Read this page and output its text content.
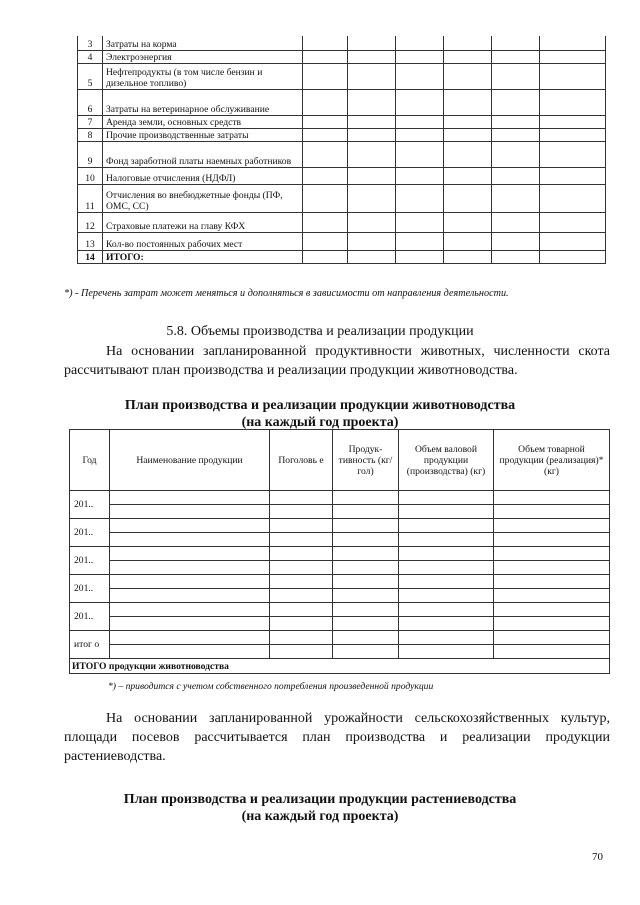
3	Затраты на корма						
4	Электроэнергия						
5	Нефтепродукты (в том числе бензин и дизельное топливо)						
6	Затраты на ветеринарное обслуживание						
7	Аренда земли, основных средств						
8	Прочие производственные затраты						
9	Фонд заработной платы наемных работников						
10	Налоговые отчисления (НДФЛ)						
11	Отчисления во внебюджетные фонды (ПФ, ОМС, СС)						
12	Страховые платежи на главу КФХ						
13	Кол-во постоянных рабочих мест						
14	ИТОГО:						

*) - Перечень затрат может меняться и дополняться в зависимости от направления деятельности.

5.8. Объемы производства и реализации продукции

На основании запланированной продуктивности животных, численности скота рассчитывают план производства и реализации продукции животноводства.

План производства и реализации продукции животноводства
(на каждый год проекта)
Год	Наименование продукции	Поголовь е	Продук-тивность (кг/гол)	Объем валовой продукции (производства) (кг)	Объем товарной продукции (реализация)* (кг)
201..					

201..					

201..					

201..					

201..					

итог о					

ИТОГО продукции животноводства					

*) – приводится с учетом собственного потребления произведенной продукции

На основании запланированной урожайности сельскохозяйственных культур, площади посевов рассчитывается план производства и реализации продукции растениеводства.

План производства и реализации продукции растениеводства
(на каждый год проекта)

70
